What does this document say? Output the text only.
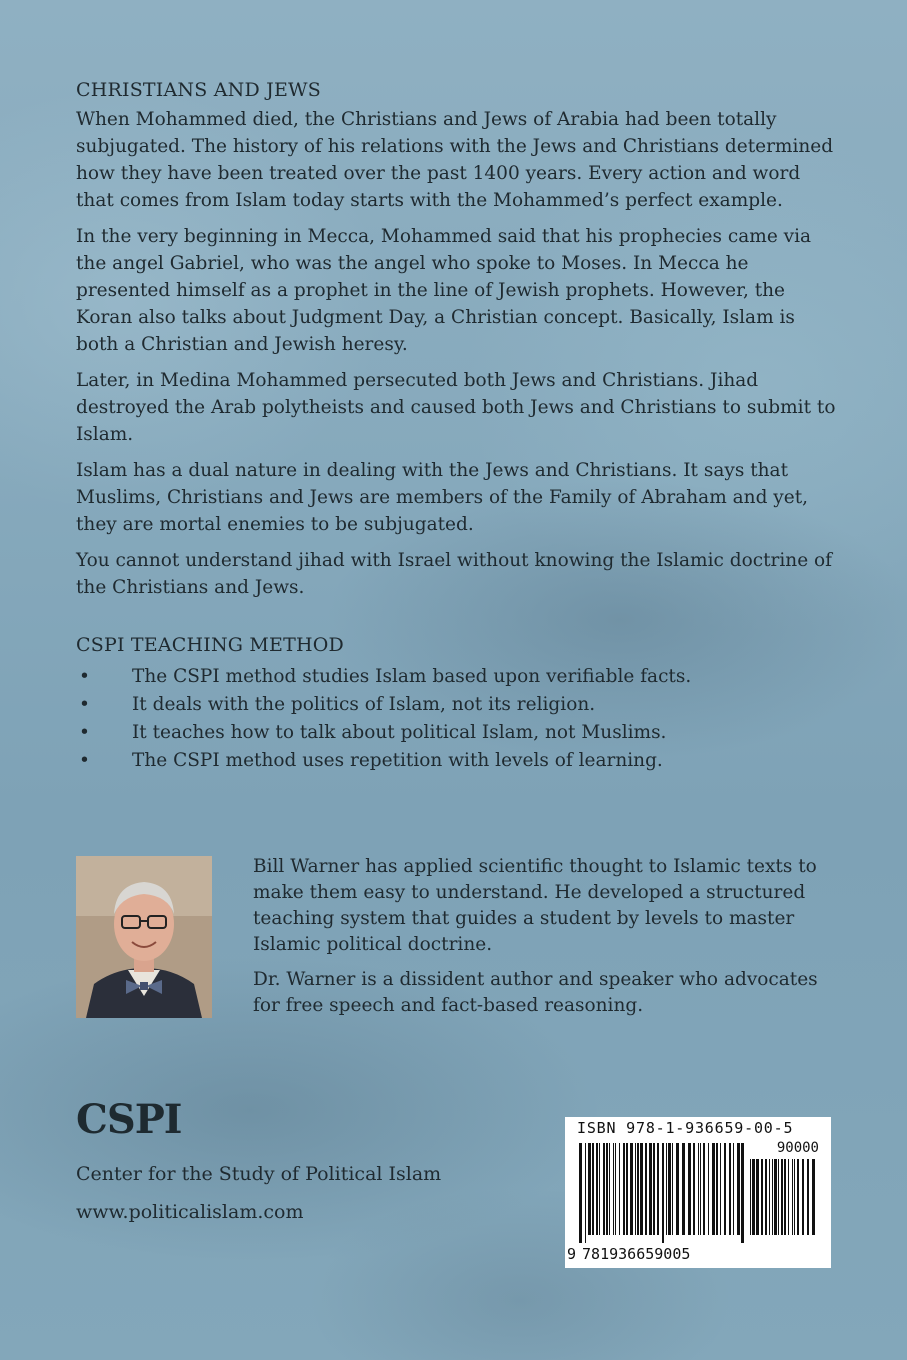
CHRISTIANS AND JEWS

When Mohammed died, the Christians and Jews of Arabia had been totally subjugated. The history of his relations with the Jews and Christians determined how they have been treated over the past 1400 years. Every action and word that comes from Islam today starts with the Mohammed’s perfect example.

In the very beginning in Mecca, Mohammed said that his prophecies came via the angel Gabriel, who was the angel who spoke to Moses. In Mecca he presented himself as a prophet in the line of Jewish prophets. However, the Koran also talks about Judgment Day, a Christian concept. Basically, Islam is both a Christian and Jewish heresy.

Later, in Medina Mohammed persecuted both Jews and Christians. Jihad destroyed the Arab polytheists and caused both Jews and Christians to submit to Islam.

Islam has a dual nature in dealing with the Jews and Christians. It says that Muslims, Christians and Jews are members of the Family of Abraham and yet, they are mortal enemies to be subjugated.

You cannot understand jihad with Israel without knowing the Islamic doctrine of the Christians and Jews.

CSPI TEACHING METHOD
• The CSPI method studies Islam based upon verifiable facts.
• It deals with the politics of Islam, not its religion.
• It teaches how to talk about political Islam, not Muslims.
• The CSPI method uses repetition with levels of learning.

Bill Warner has applied scientific thought to Islamic texts to make them easy to understand. He developed a structured teaching system that guides a student by levels to master Islamic political doctrine.

Dr. Warner is a dissident author and speaker who advocates for free speech and fact-based reasoning.

CSPI
Center for the Study of Political Islam
www.politicalislam.com
ISBN 978-1-936659-00-5
90000
9 781936659005
